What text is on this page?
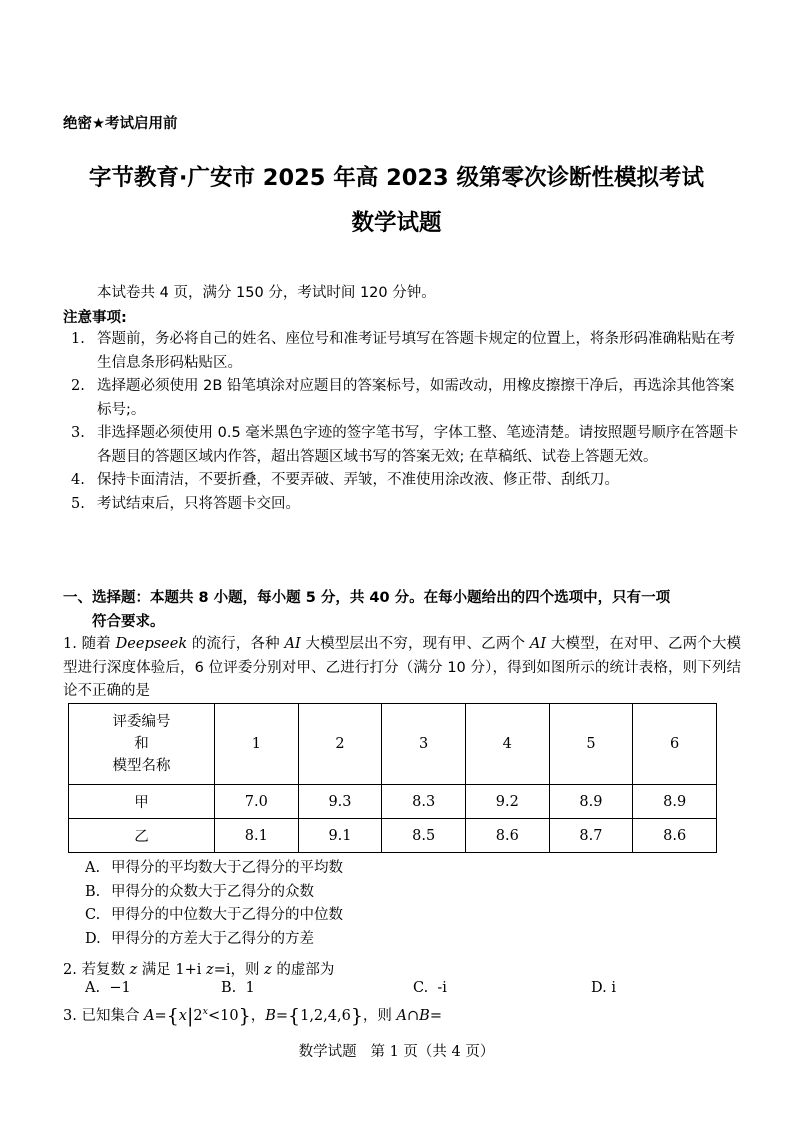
绝密★考试启用前
字节教育·广安市 2025 年高 2023 级第零次诊断性模拟考试
数学试题
本试卷共 4 页，满分 150 分，考试时间 120 分钟。
注意事项:
1. 答题前，务必将自己的姓名、座位号和准考证号填写在答题卡规定的位置上，将条形码准确粘贴在考生信息条形码粘贴区。
2. 选择题必须使用 2B 铅笔填涂对应题目的答案标号，如需改动，用橡皮擦擦干净后，再选涂其他答案标号;。
3. 非选择题必须使用 0.5 毫米黑色字迹的签字笔书写，字体工整、笔迹清楚。请按照题号顺序在答题卡各题目的答题区域内作答，超出答题区域书写的答案无效; 在草稿纸、试卷上答题无效。
4. 保持卡面清洁，不要折叠，不要弄破、弄皱，不准使用涂改液、修正带、刮纸刀。
5. 考试结束后，只将答题卡交回。
一、选择题：本题共 8 小题，每小题 5 分，共 40 分。在每小题给出的四个选项中，只有一项
符合要求。
1. 随着 Deepseek 的流行，各种 AI 大模型层出不穷，现有甲、乙两个 AI 大模型，在对甲、乙两个大模型进行深度体验后，6 位评委分别对甲、乙进行打分（满分 10 分），得到如图所示的统计表格，则下列结论不正确的是
评委编号
和
模型名称	1	2	3	4	5	6
甲	7.0	9.3	8.3	9.2	8.9	8.9
乙	8.1	9.1	8.5	8.6	8.7	8.6
A. 甲得分的平均数大于乙得分的平均数
B. 甲得分的众数大于乙得分的众数
C. 甲得分的中位数大于乙得分的中位数
D. 甲得分的方差大于乙得分的方差
2. 若复数 z 满足 1+i z=i，则 z 的虚部为
A. −1	B. 1	C. -i	D. i
3. 已知集合 $A=\{x|2^x<10\}$，B={1,2,4,6}，则 A∩B=
数学试题 第 1 页（共 4 页）
